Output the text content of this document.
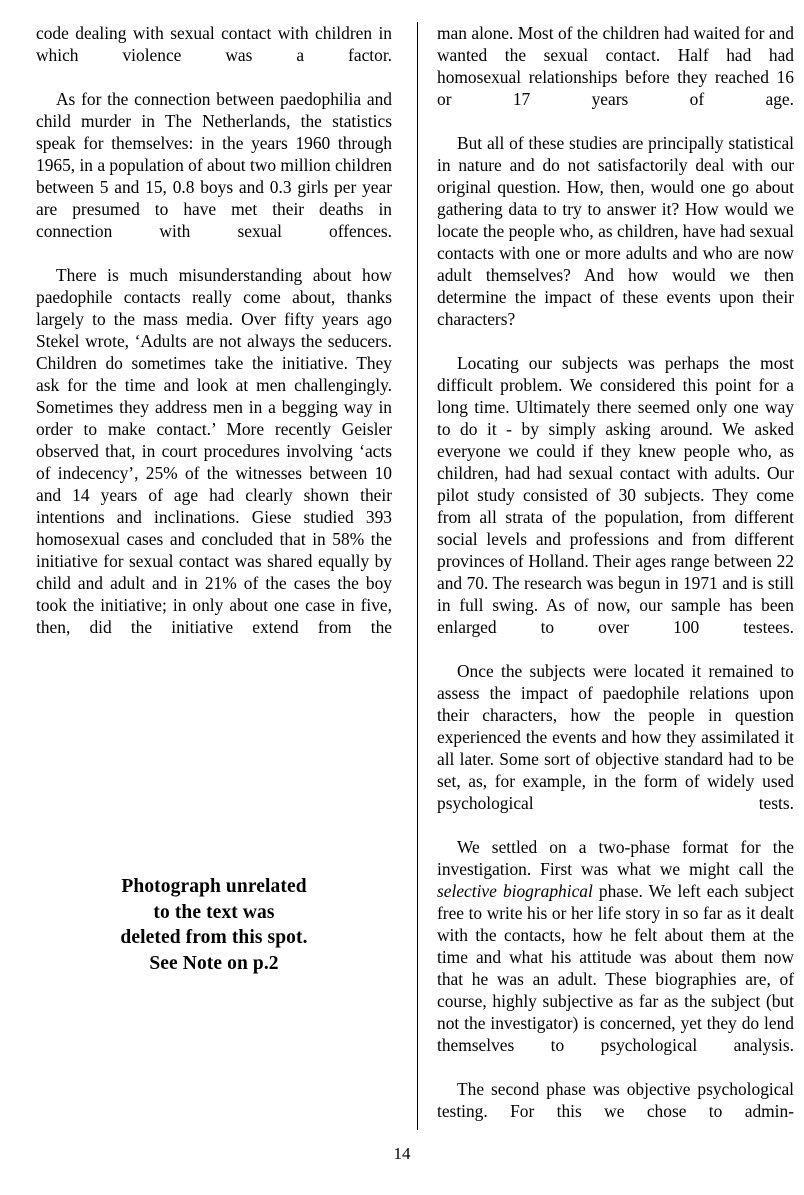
code dealing with sexual contact with children in which violence was a factor.

As for the connection between paedophilia and child murder in The Netherlands, the statistics speak for themselves: in the years 1960 through 1965, in a population of about two million children between 5 and 15, 0.8 boys and 0.3 girls per year are presumed to have met their deaths in connection with sexual offences.

There is much misunderstanding about how paedophile contacts really come about, thanks largely to the mass media. Over fifty years ago Stekel wrote, ‘Adults are not always the seducers. Children do sometimes take the initiative. They ask for the time and look at men challengingly. Sometimes they address men in a begging way in order to make contact.’ More recently Geisler observed that, in court procedures involving ‘acts of indecency’, 25% of the witnesses between 10 and 14 years of age had clearly shown their intentions and inclinations. Giese studied 393 homosexual cases and concluded that in 58% the initiative for sexual contact was shared equally by child and adult and in 21% of the cases the boy took the initiative; in only about one case in five, then, did the initiative extend from the

man alone. Most of the children had waited for and wanted the sexual contact. Half had had homosexual relationships before they reached 16 or 17 years of age.

But all of these studies are principally statistical in nature and do not satisfactorily deal with our original question. How, then, would one go about gathering data to try to answer it? How would we locate the people who, as children, have had sexual contacts with one or more adults and who are now adult themselves? And how would we then determine the impact of these events upon their characters?

Locating our subjects was perhaps the most difficult problem. We considered this point for a long time. Ultimately there seemed only one way to do it - by simply asking around. We asked everyone we could if they knew people who, as children, had had sexual contact with adults. Our pilot study consisted of 30 subjects. They come from all strata of the population, from different social levels and professions and from different provinces of Holland. Their ages range between 22 and 70. The research was begun in 1971 and is still in full swing. As of now, our sample has been enlarged to over 100 testees.

Once the subjects were located it remained to assess the impact of paedophile relations upon their characters, how the people in question experienced the events and how they assimilated it all later. Some sort of objective standard had to be set, as, for example, in the form of widely used psychological tests.

We settled on a two-phase format for the investigation. First was what we might call the selective biographical phase. We left each subject free to write his or her life story in so far as it dealt with the contacts, how he felt about them at the time and what his attitude was about them now that he was an adult. These biographies are, of course, highly subjective as far as the subject (but not the investigator) is concerned, yet they do lend themselves to psychological analysis.

The second phase was objective psychological testing. For this we chose to admin-

Photograph unrelated
to the text was
deleted from this spot.
See Note on p.2
14
